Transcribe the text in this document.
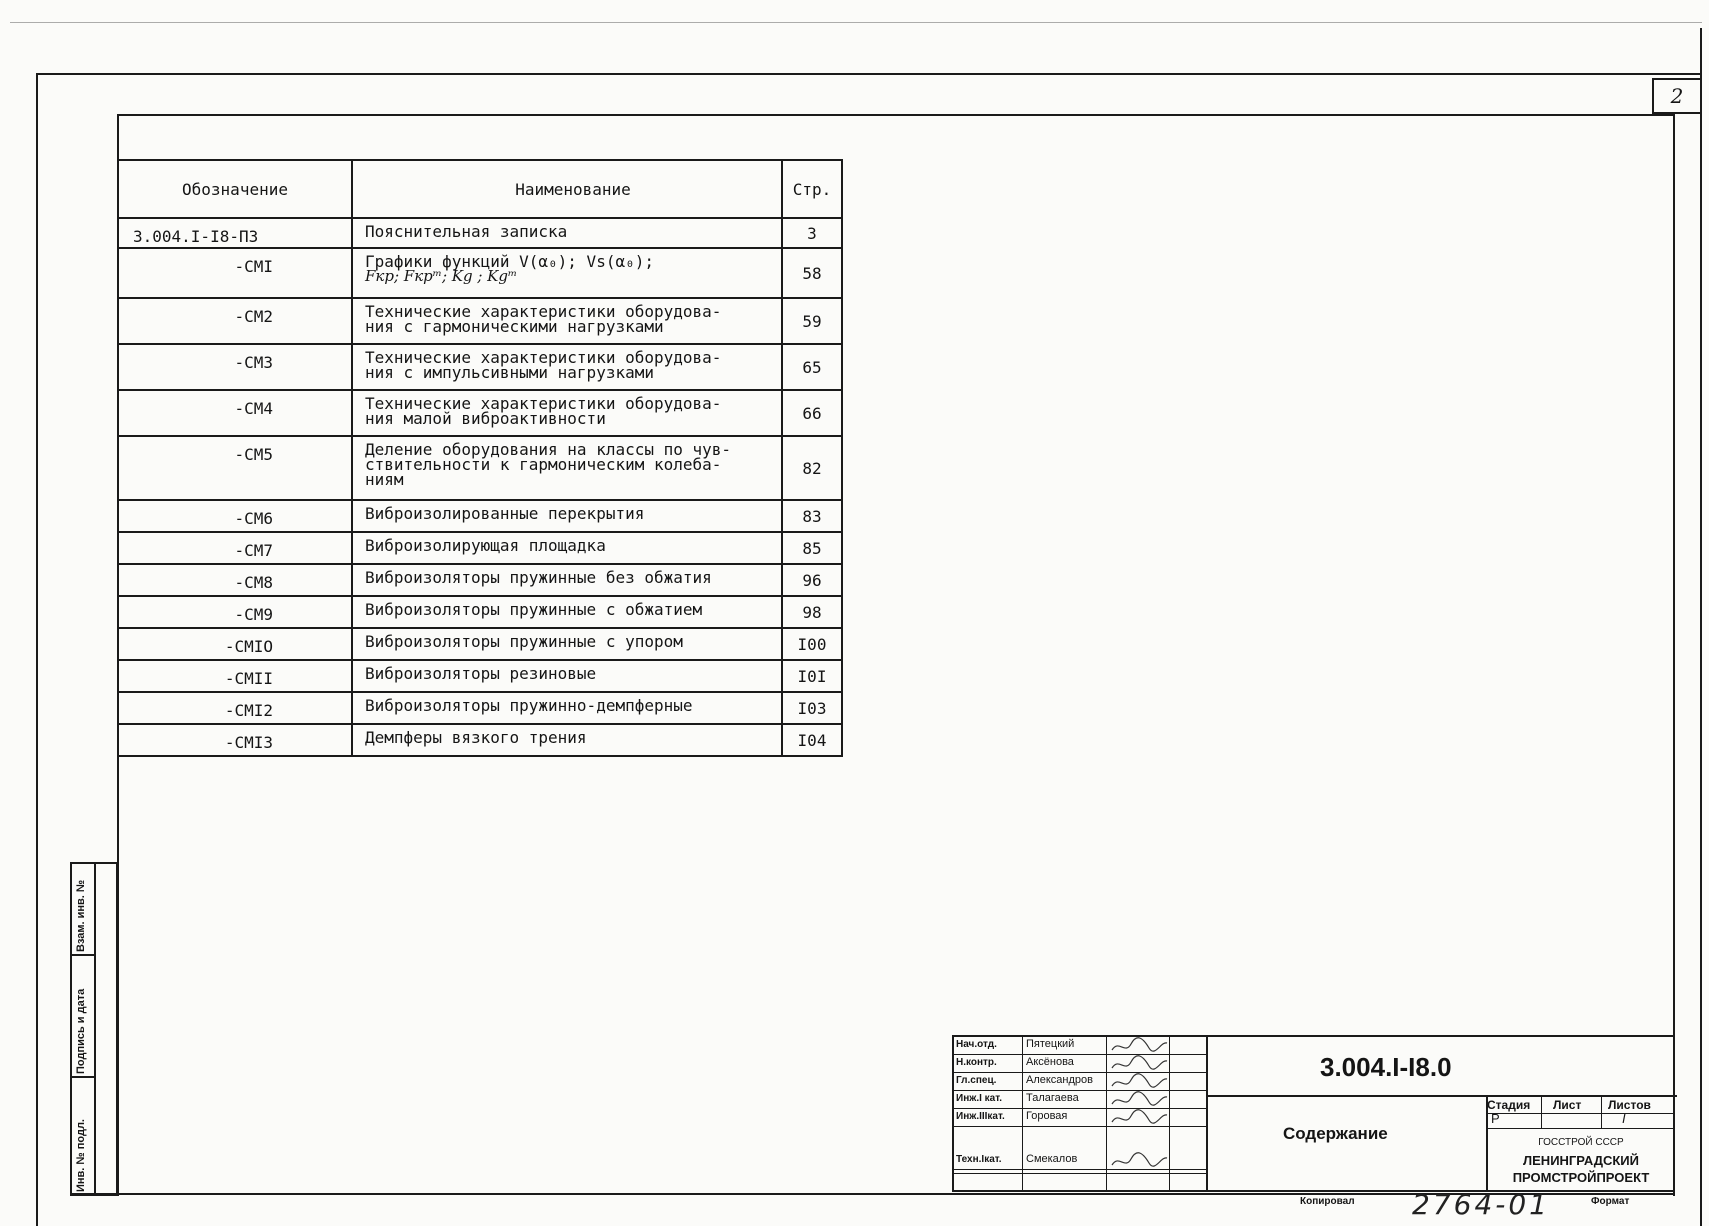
2
Обозначение	Наименование	Стр.

3.004.I-I8-ПЗ	Пояснительная записка	3

-СМI	Графики функций V(α₀); Vs(α₀);
Fкр; Fкрᵐ; Kg ; Kgᵐ	58

-СМ2	Технические характеристики оборудова-
ния с гармоническими нагрузками	59

-СМ3	Технические характеристики оборудова-
ния с импульсивными нагрузками	65

-СМ4	Технические характеристики оборудова-
ния малой виброактивности	66

-СМ5	Деление оборудования на классы по чув-
ствительности к гармоническим колеба-
ниям	82

-СМ6	Виброизолированные перекрытия	83

-СМ7	Виброизолирующая площадка	85

-СМ8	Виброизоляторы пружинные без обжатия	96

-СМ9	Виброизоляторы пружинные с обжатием	98

-СМIО	Виброизоляторы пружинные с упором	I00

-СМII	Виброизоляторы резиновые	I0I

-СМI2	Виброизоляторы пружинно-демпферные	I03

-СМI3	Демпферы вязкого трения	I04
Инв. № подл.
Подпись и дата
Взам. инв. №
Нач.отд.	Пятецкий
Н.контр.	Аксёнова
Гл.спец.	Александров
Инж.I кат. Талагаева
Инж.IIIкат. Горовая
Техн.Iкат. Смекалов
3.004.I-I8.0
Содержание
Стадия Лист Листов
Р	I
ГОССТРОЙ СССР
ЛЕНИНГРАДСКИЙ
ПРОМСТРОЙПРОЕКТ
Копировал 2764-01	Формат
